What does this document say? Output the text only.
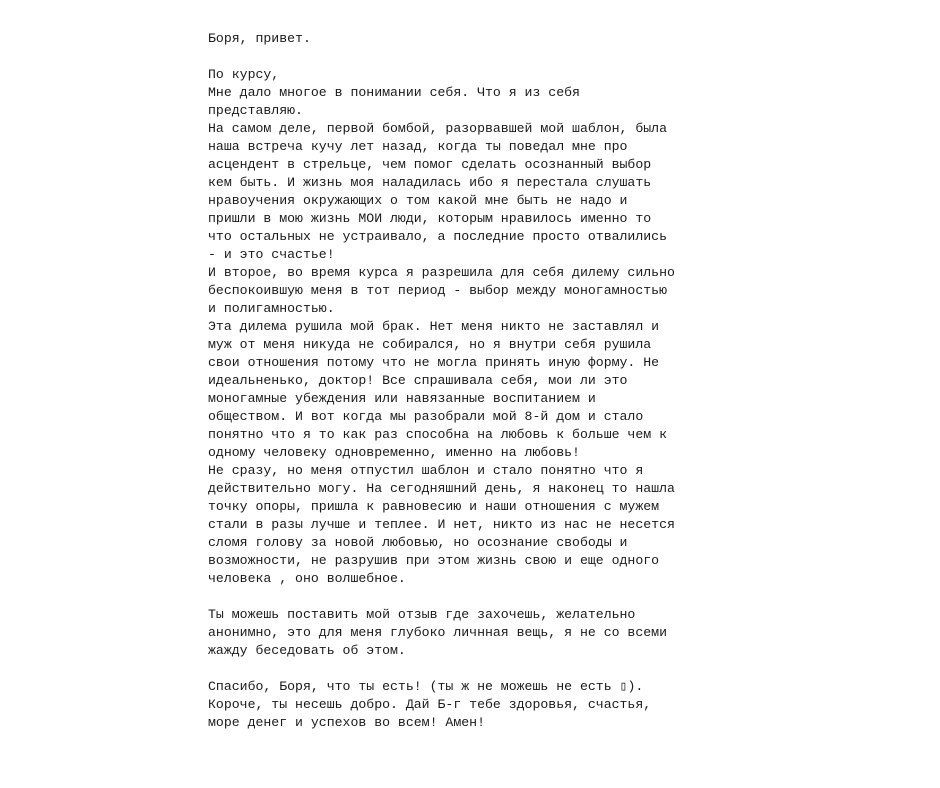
Боря, привет.
По курсу,
Мне дало многое в понимании себя. Что я из себя
представляю.
На самом деле, первой бомбой, разорвавшей мой шаблон, была
наша встреча кучу лет назад, когда ты поведал мне про
асцендент в стрельце, чем помог сделать осознанный выбор
кем быть. И жизнь моя наладилась ибо я перестала слушать
нравоучения окружающих о том какой мне быть не надо и
пришли в мою жизнь МОИ люди, которым нравилось именно то
что остальных не устраивало, а последние просто отвалились
- и это счастье!
И второе, во время курса я разрешила для себя дилему сильно
беспокоившую меня в тот период - выбор между моногамностью
и полигамностью.
Эта дилема рушила мой брак. Нет меня никто не заставлял и
муж от меня никуда не собирался, но я внутри себя рушила
свои отношения потому что не могла принять иную форму. Не
идеальненько, доктор! Все спрашивала себя, мои ли это
моногамные убеждения или навязанные воспитанием и
обществом. И вот когда мы разобрали мой 8-й дом и стало
понятно что я то как раз способна на любовь к больше чем к
одному человеку одновременно, именно на любовь!
Не сразу, но меня отпустил шаблон и стало понятно что я
действительно могу. На сегодняшний день, я наконец то нашла
точку опоры, пришла к равновесию и наши отношения с мужем
стали в разы лучше и теплее. И нет, никто из нас не несется
сломя голову за новой любовью, но осознание свободы и
возможности, не разрушив при этом жизнь свою и еще одного
человека , оно волшебное.
Ты можешь поставить мой отзыв где захочешь, желательно
анонимно, это для меня глубоко личнная вещь, я не со всеми
жажду беседовать об этом.
Спасибо, Боря, что ты есть! (ты ж не можешь не есть ▯).
Короче, ты несешь добро. Дай Б-г тебе здоровья, счастья,
море денег и успехов во всем! Амен!
